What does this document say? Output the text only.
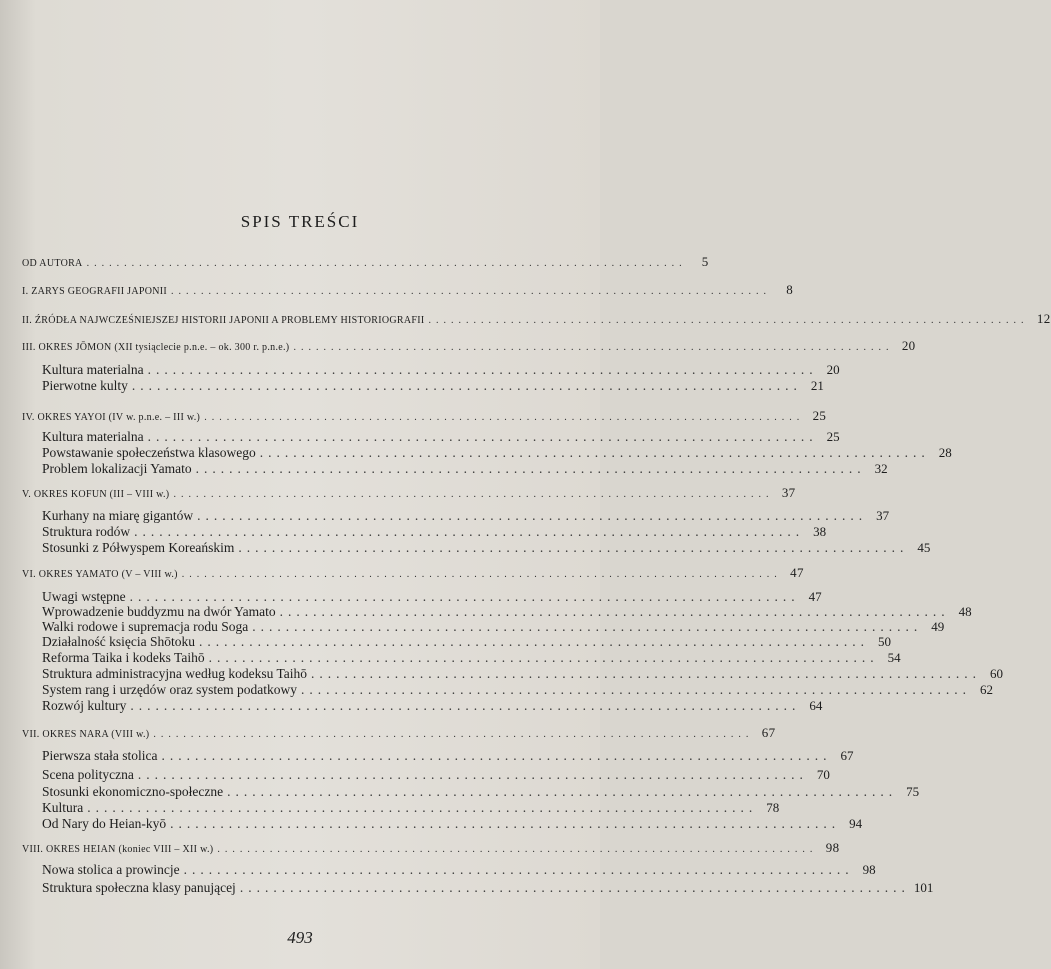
SPIS TREŚCI
OD AUTORA ................................................................................	5
I. ZARYS GEOGRAFII JAPONII ................................................................................	8
II. ŹRÓDŁA NAJWCZEŚNIEJSZEJ HISTORII JAPONII A PROBLEMY HISTORIOGRAFII ................................................................................ 12
III. OKRES JŌMON (XII tysiąclecie p.n.e. – ok. 300 r. p.n.e.) ................................................................................ 20
Kultura materialna ................................................................................ 20
Pierwotne kulty ................................................................................ 21
IV. OKRES YAYOI (IV w. p.n.e. – III w.) ................................................................................ 25
Kultura materialna ................................................................................ 25
Powstawanie społeczeństwa klasowego ................................................................................ 28
Problem lokalizacji Yamato ................................................................................ 32
V. OKRES KOFUN (III – VIII w.) ................................................................................ 37
Kurhany na miarę gigantów ................................................................................ 37
Struktura rodów ................................................................................ 38
Stosunki z Półwyspem Koreańskim ................................................................................ 45
VI. OKRES YAMATO (V – VIII w.) ................................................................................ 47
Uwagi wstępne ................................................................................ 47
Wprowadzenie buddyzmu na dwór Yamato ................................................................................ 48
Walki rodowe i supremacja rodu Soga ................................................................................ 49
Działalność księcia Shōtoku ................................................................................ 50
Reforma Taika i kodeks Taihō ................................................................................ 54
Struktura administracyjna według kodeksu Taihō ................................................................................ 60
System rang i urzędów oraz system podatkowy ................................................................................ 62
Rozwój kultury ................................................................................ 64
VII. OKRES NARA (VIII w.) ................................................................................ 67
Pierwsza stała stolica ................................................................................ 67
Scena polityczna ................................................................................ 70
Stosunki ekonomiczno-społeczne ................................................................................ 75
Kultura ................................................................................ 78
Od Nary do Heian-kyō ................................................................................ 94
VIII. OKRES HEIAN (koniec VIII – XII w.) ................................................................................ 98
Nowa stolica a prowincje ................................................................................ 98
Struktura społeczna klasy panującej ................................................................................ 101
493
